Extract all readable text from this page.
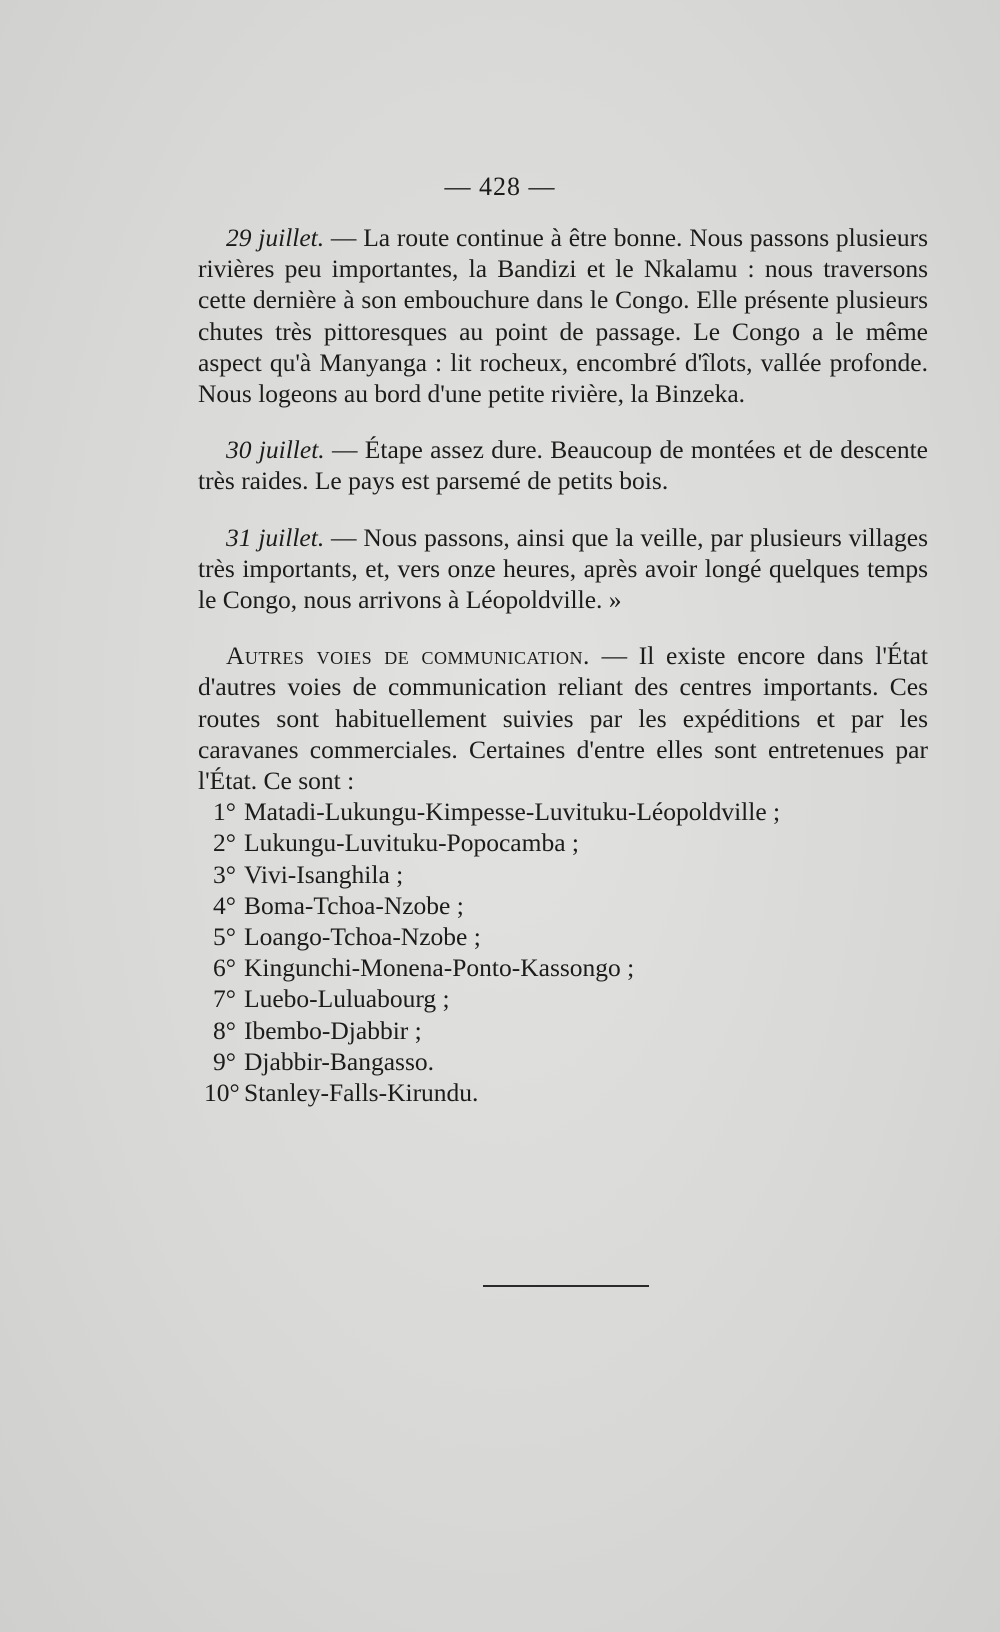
— 428 —

29 juillet. — La route continue à être bonne. Nous passons plusieurs rivières peu importantes, la Bandizi et le Nkalamu : nous traversons cette dernière à son embouchure dans le Congo. Elle présente plusieurs chutes très pittoresques au point de passage. Le Congo a le même aspect qu'à Manyanga : lit rocheux, encombré d'îlots, vallée profonde. Nous logeons au bord d'une petite rivière, la Binzeka.

30 juillet. — Étape assez dure. Beaucoup de montées et de descente très raides. Le pays est parsemé de petits bois.

31 juillet. — Nous passons, ainsi que la veille, par plusieurs villages très importants, et, vers onze heures, après avoir longé quelques temps le Congo, nous arrivons à Léopoldville. »

Autres voies de communication. — Il existe encore dans l'État d'autres voies de communication reliant des centres importants. Ces routes sont habituellement suivies par les expéditions et par les caravanes commerciales. Certaines d'entre elles sont entretenues par l'État. Ce sont :

1° Matadi-Lukungu-Kimpesse-Luvituku-Léopoldville ;
2° Lukungu-Luvituku-Popocamba ;
3° Vivi-Isanghila ;
4° Boma-Tchoa-Nzobe ;
5° Loango-Tchoa-Nzobe ;
6° Kingunchi-Monena-Ponto-Kassongo ;
7° Luebo-Luluabourg ;
8° Ibembo-Djabbir ;
9° Djabbir-Bangasso.
10° Stanley-Falls-Kirundu.
